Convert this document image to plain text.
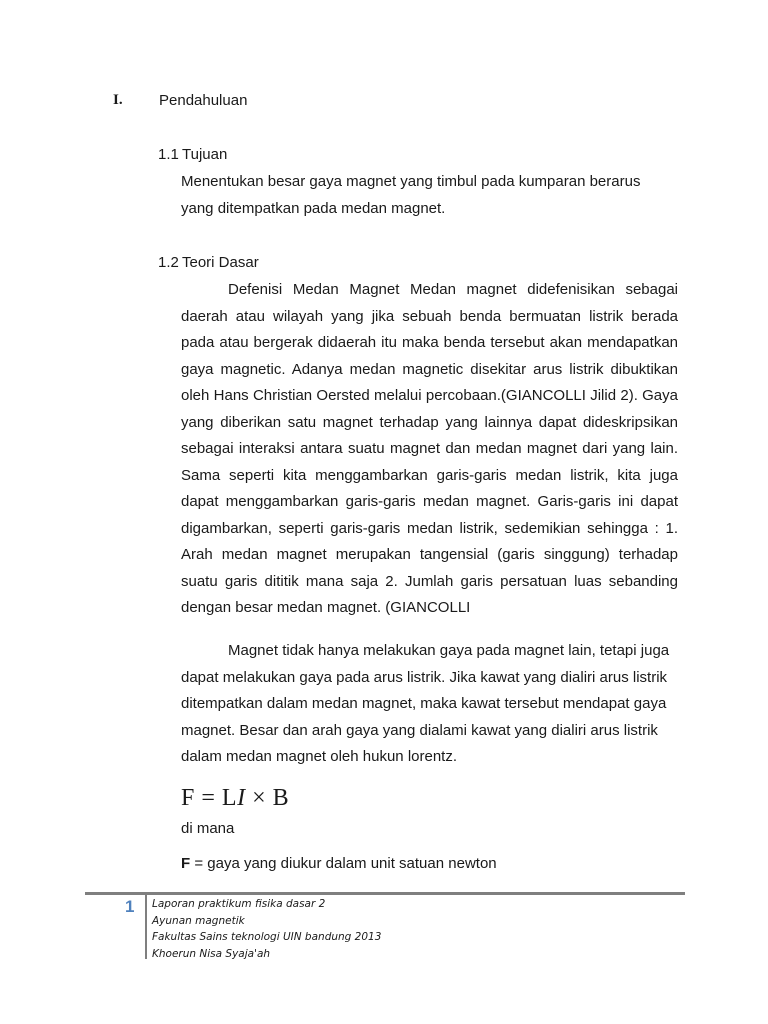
I. Pendahuluan
1.1 Tujuan
Menentukan besar gaya magnet yang timbul pada kumparan berarus yang ditempatkan pada medan magnet.
1.2 Teori Dasar
Defenisi Medan Magnet Medan magnet didefenisikan sebagai daerah atau wilayah yang jika sebuah benda bermuatan listrik berada pada atau bergerak didaerah itu maka benda tersebut akan mendapatkan gaya magnetic. Adanya medan magnetic disekitar arus listrik dibuktikan oleh Hans Christian Oersted melalui percobaan.(GIANCOLLI Jilid 2). Gaya yang diberikan satu magnet terhadap yang lainnya dapat dideskripsikan sebagai interaksi antara suatu magnet dan medan magnet dari yang lain. Sama seperti kita menggambarkan garis-garis medan listrik, kita juga dapat menggambarkan garis-garis medan magnet. Garis-garis ini dapat digambarkan, seperti garis-garis medan listrik, sedemikian sehingga : 1. Arah medan magnet merupakan tangensial (garis singgung) terhadap suatu garis dititik mana saja 2. Jumlah garis persatuan luas sebanding dengan besar medan magnet. (GIANCOLLI
Magnet tidak hanya melakukan gaya pada magnet lain, tetapi juga dapat melakukan gaya pada arus listrik. Jika kawat yang dialiri arus listrik ditempatkan dalam medan magnet, maka kawat tersebut mendapat gaya magnet. Besar dan arah gaya yang dialami kawat yang dialiri arus listrik dalam medan magnet oleh hukun lorentz.
F = LI × B
di mana
F = gaya yang diukur dalam unit satuan newton
1 Laporan praktikum fisika dasar 2
Ayunan magnetik
Fakultas Sains teknologi UIN bandung 2013
Khoerun Nisa Syaja'ah
